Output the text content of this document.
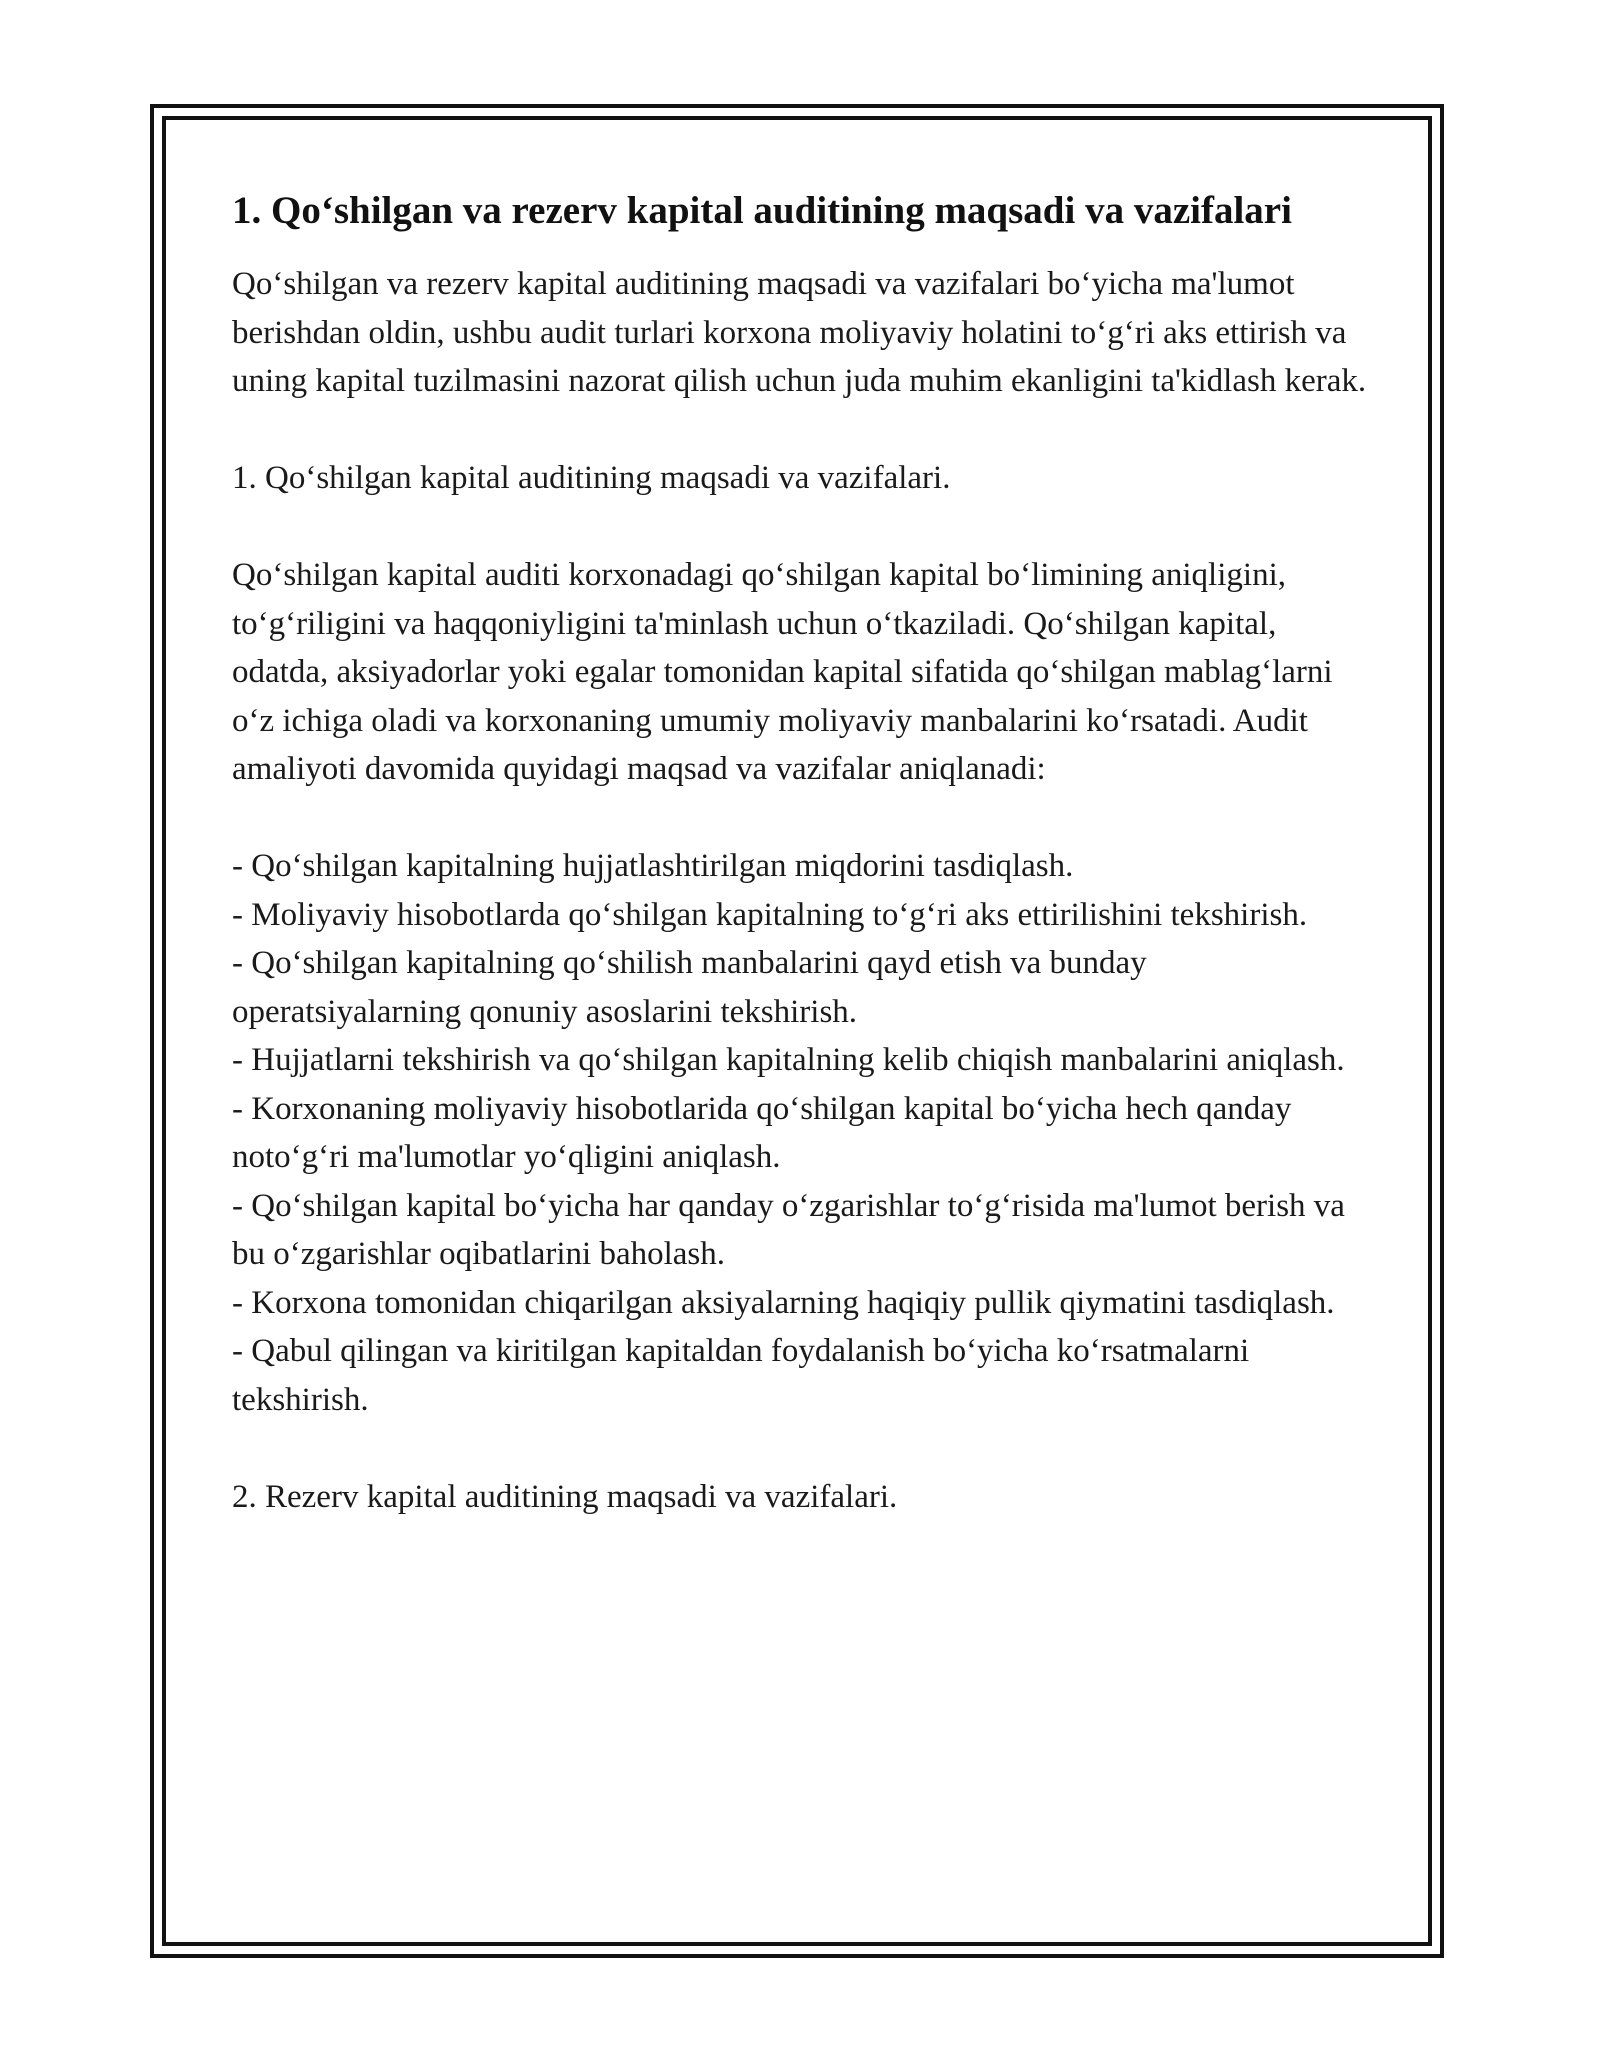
1. Qo‘shilgan va rezerv kapital auditining maqsadi va vazifalari

Qo‘shilgan va rezerv kapital auditining maqsadi va vazifalari bo‘yicha ma'lumot berishdan oldin, ushbu audit turlari korxona moliyaviy holatini to‘g‘ri aks ettirish va uning kapital tuzilmasini nazorat qilish uchun juda muhim ekanligini ta'kidlash kerak.

1. Qo‘shilgan kapital auditining maqsadi va vazifalari.

Qo‘shilgan kapital auditi korxonadagi qo‘shilgan kapital bo‘limining aniqligini, to‘g‘riligini va haqqoniyligini ta'minlash uchun o‘tkaziladi. Qo‘shilgan kapital, odatda, aksiyadorlar yoki egalar tomonidan kapital sifatida qo‘shilgan mablag‘larni o‘z ichiga oladi va korxonaning umumiy moliyaviy manbalarini ko‘rsatadi. Audit amaliyoti davomida quyidagi maqsad va vazifalar aniqlanadi:

- Qo‘shilgan kapitalning hujjatlashtirilgan miqdorini tasdiqlash.
- Moliyaviy hisobotlarda qo‘shilgan kapitalning to‘g‘ri aks ettirilishini tekshirish.
- Qo‘shilgan kapitalning qo‘shilish manbalarini qayd etish va bunday operatsiyalarning qonuniy asoslarini tekshirish.
- Hujjatlarni tekshirish va qo‘shilgan kapitalning kelib chiqish manbalarini aniqlash.
- Korxonaning moliyaviy hisobotlarida qo‘shilgan kapital bo‘yicha hech qanday noto‘g‘ri ma'lumotlar yo‘qligini aniqlash.
- Qo‘shilgan kapital bo‘yicha har qanday o‘zgarishlar to‘g‘risida ma'lumot berish va bu o‘zgarishlar oqibatlarini baholash.
- Korxona tomonidan chiqarilgan aksiyalarning haqiqiy pullik qiymatini tasdiqlash.
- Qabul qilingan va kiritilgan kapitaldan foydalanish bo‘yicha ko‘rsatmalarni tekshirish.

2. Rezerv kapital auditining maqsadi va vazifalari.
